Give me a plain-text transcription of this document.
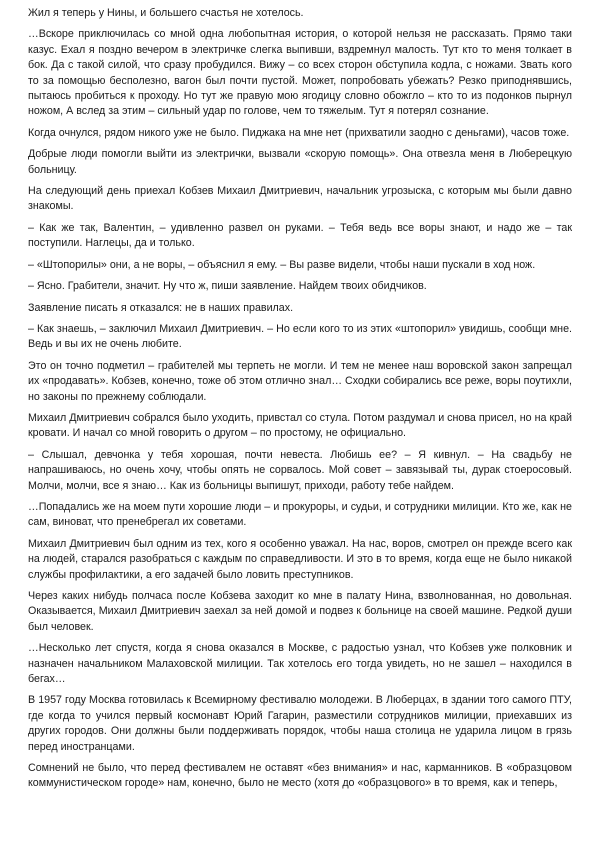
Жил я теперь у Нины, и большего счастья не хотелось.

…Вскоре приключилась со мной одна любопытная история, о которой нельзя не рассказать. Прямо таки казус. Ехал я поздно вечером в электричке слегка выпивши, вздремнул малость. Тут кто то меня толкает в бок. Да с такой силой, что сразу пробудился. Вижу – со всех сторон обступила кодла, с ножами. Звать кого то за помощью бесполезно, вагон был почти пустой. Может, попробовать убежать? Резко приподнявшись, пытаюсь пробиться к проходу. Но тут же правую мою ягодицу словно обожгло – кто то из подонков пырнул ножом, А вслед за этим – сильный удар по голове, чем то тяжелым. Тут я потерял сознание.

Когда очнулся, рядом никого уже не было. Пиджака на мне нет (прихватили заодно с деньгами), часов тоже.

Добрые люди помогли выйти из электрички, вызвали «скорую помощь». Она отвезла меня в Люберецкую больницу.

На следующий день приехал Кобзев Михаил Дмитриевич, начальник угрозыска, с которым мы были давно знакомы.

– Как же так, Валентин, – удивленно развел он руками. – Тебя ведь все воры знают, и надо же – так поступили. Наглецы, да и только.

– «Штопорилы» они, а не воры, – объяснил я ему. – Вы разве видели, чтобы наши пускали в ход нож.

– Ясно. Грабители, значит. Ну что ж, пиши заявление. Найдем твоих обидчиков.

Заявление писать я отказался: не в наших правилах.

– Как знаешь, – заключил Михаил Дмитриевич. – Но если кого то из этих «штопорил» увидишь, сообщи мне. Ведь и вы их не очень любите.

Это он точно подметил – грабителей мы терпеть не могли. И тем не менее наш воровской закон запрещал их «продавать». Кобзев, конечно, тоже об этом отлично знал… Сходки собирались все реже, воры поутихли, но законы по прежнему соблюдали.

Михаил Дмитриевич собрался было уходить, привстал со стула. Потом раздумал и снова присел, но на край кровати. И начал со мной говорить о другом – по простому, не официально.

– Слышал, девчонка у тебя хорошая, почти невеста. Любишь ее? – Я кивнул. – На свадьбу не напрашиваюсь, но очень хочу, чтобы опять не сорвалось. Мой совет – завязывай ты, дурак стоеросовый. Молчи, молчи, все я знаю… Как из больницы выпишут, приходи, работу тебе найдем.

…Попадались же на моем пути хорошие люди – и прокуроры, и судьи, и сотрудники милиции. Кто же, как не сам, виноват, что пренебрегал их советами.

Михаил Дмитриевич был одним из тех, кого я особенно уважал. На нас, воров, смотрел он прежде всего как на людей, старался разобраться с каждым по справедливости. И это в то время, когда еще не было никакой службы профилактики, а его задачей было ловить преступников.

Через каких нибудь полчаса после Кобзева заходит ко мне в палату Нина, взволнованная, но довольная. Оказывается, Михаил Дмитриевич заехал за ней домой и подвез к больнице на своей машине. Редкой души был человек.

…Несколько лет спустя, когда я снова оказался в Москве, с радостью узнал, что Кобзев уже полковник и назначен начальником Малаховской милиции. Так хотелось его тогда увидеть, но не зашел – находился в бегах…

В 1957 году Москва готовилась к Всемирному фестивалю молодежи. В Люберцах, в здании того самого ПТУ, где когда то учился первый космонавт Юрий Гагарин, разместили сотрудников милиции, приехавших из других городов. Они должны были поддерживать порядок, чтобы наша столица не ударила лицом в грязь перед иностранцами.

Сомнений не было, что перед фестивалем не оставят «без внимания» и нас, карманников. В «образцовом коммунистическом городе» нам, конечно, было не место (хотя до «образцового» в то время, как и теперь,
